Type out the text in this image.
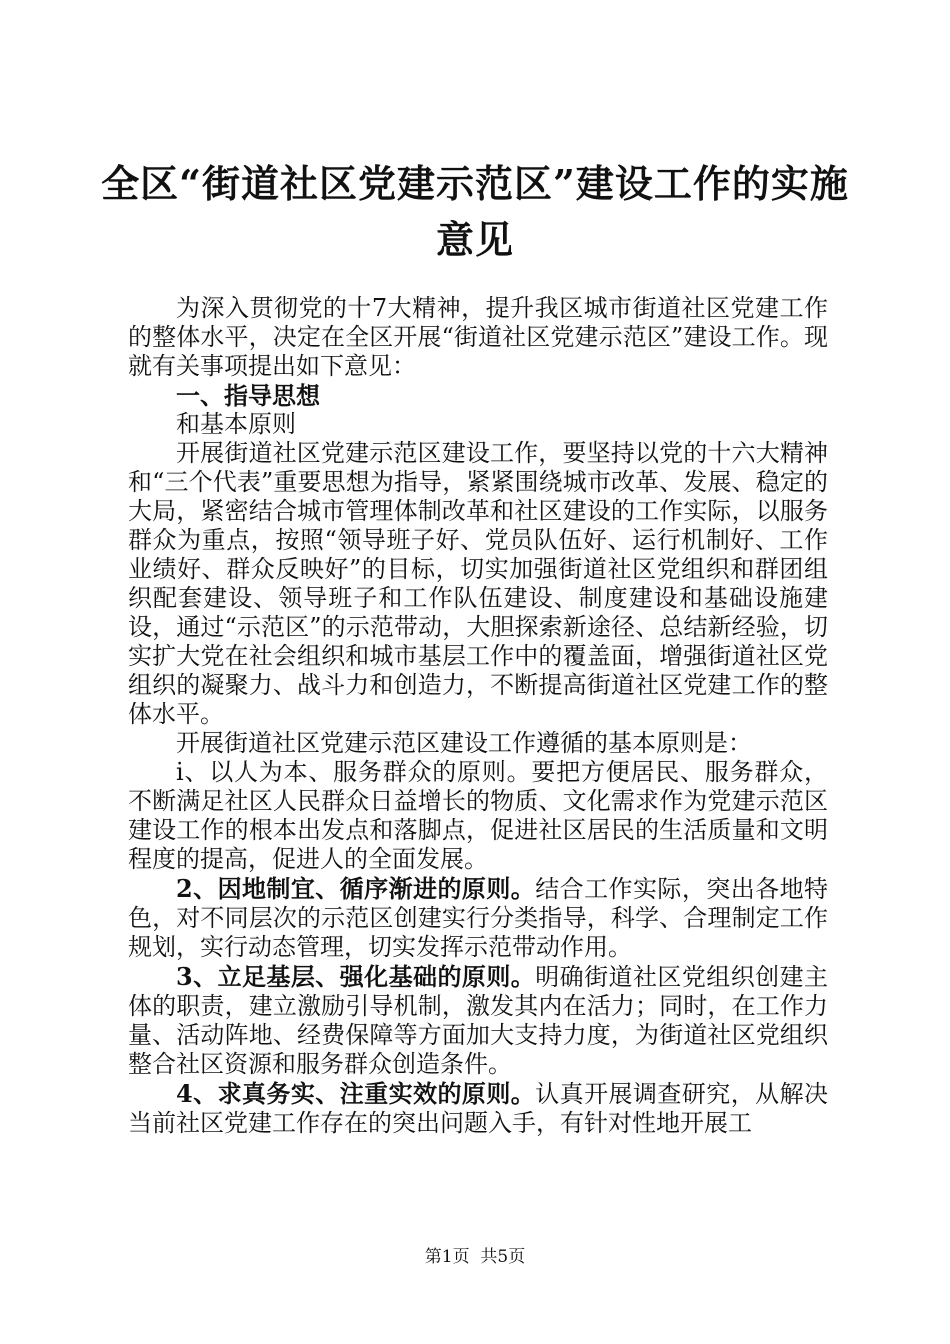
全区“街道社区党建示范区”建设工作的实施
意见

为深入贯彻党的十7大精神，提升我区城市街道社区党建工作的整体水平，决定在全区开展“街道社区党建示范区”建设工作。现就有关事项提出如下意见：

一、指导思想

和基本原则

开展街道社区党建示范区建设工作，要坚持以党的十六大精神和“三个代表”重要思想为指导，紧紧围绕城市改革、发展、稳定的大局，紧密结合城市管理体制改革和社区建设的工作实际，以服务群众为重点，按照“领导班子好、党员队伍好、运行机制好、工作业绩好、群众反映好”的目标，切实加强街道社区党组织和群团组织配套建设、领导班子和工作队伍建设、制度建设和基础设施建设，通过“示范区”的示范带动，大胆探索新途径、总结新经验，切实扩大党在社会组织和城市基层工作中的覆盖面，增强街道社区党组织的凝聚力、战斗力和创造力，不断提高街道社区党建工作的整体水平。

开展街道社区党建示范区建设工作遵循的基本原则是：

i、以人为本、服务群众的原则。要把方便居民、服务群众，不断满足社区人民群众日益增长的物质、文化需求作为党建示范区建设工作的根本出发点和落脚点，促进社区居民的生活质量和文明程度的提高，促进人的全面发展。

2、因地制宜、循序渐进的原则。结合工作实际，突出各地特色，对不同层次的示范区创建实行分类指导，科学、合理制定工作规划，实行动态管理，切实发挥示范带动作用。

3、立足基层、强化基础的原则。明确街道社区党组织创建主体的职责，建立激励引导机制，激发其内在活力；同时，在工作力量、活动阵地、经费保障等方面加大支持力度，为街道社区党组织整合社区资源和服务群众创造条件。

4、求真务实、注重实效的原则。认真开展调查研究，从解决当前社区党建工作存在的突出问题入手，有针对性地开展工

第1页  共5页
